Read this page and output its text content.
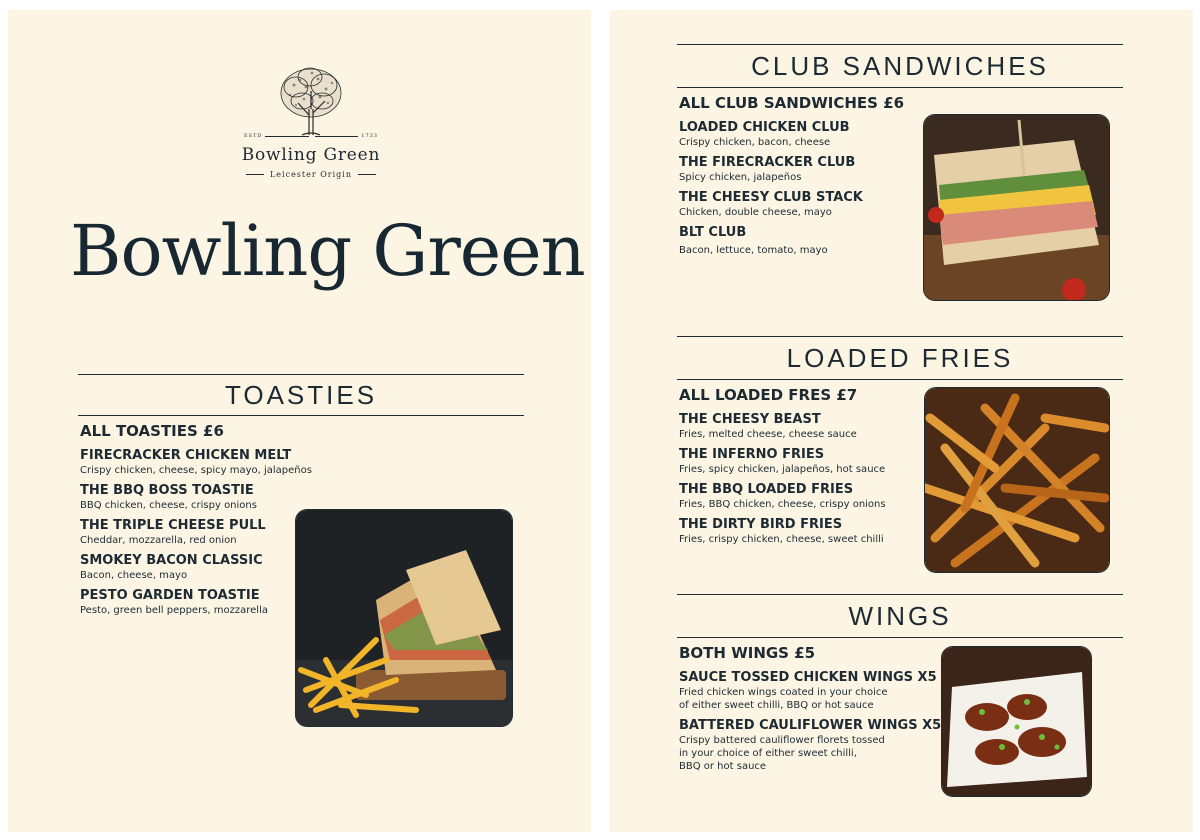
ESTD	1733
Bowling Green
Leicester Origin
Bowling Green
TOASTIES
ALL TOASTIES £6
FIRECRACKER CHICKEN MELT
Crispy chicken, cheese, spicy mayo, jalapeños
THE BBQ BOSS TOASTIE
BBQ chicken, cheese, crispy onions
THE TRIPLE CHEESE PULL
Cheddar, mozzarella, red onion
SMOKEY BACON CLASSIC
Bacon, cheese, mayo
PESTO GARDEN TOASTIE
Pesto, green bell peppers, mozzarella
CLUB SANDWICHES
ALL CLUB SANDWICHES £6
LOADED CHICKEN CLUB
Crispy chicken, bacon, cheese
THE FIRECRACKER CLUB
Spicy chicken, jalapeños
THE CHEESY CLUB STACK
Chicken, double cheese, mayo
BLT CLUB
Bacon, lettuce, tomato, mayo
LOADED FRIES
ALL LOADED FRES £7
THE CHEESY BEAST
Fries, melted cheese, cheese sauce
THE INFERNO FRIES
Fries, spicy chicken, jalapeños, hot sauce
THE BBQ LOADED FRIES
Fries, BBQ chicken, cheese, crispy onions
THE DIRTY BIRD FRIES
Fries, crispy chicken, cheese, sweet chilli
WINGS
BOTH WINGS £5
SAUCE TOSSED CHICKEN WINGS X5
Fried chicken wings coated in your choice
of either sweet chilli, BBQ or hot sauce
BATTERED CAULIFLOWER WINGS X5
Crispy battered cauliflower florets tossed
in your choice of either sweet chilli,
BBQ or hot sauce
